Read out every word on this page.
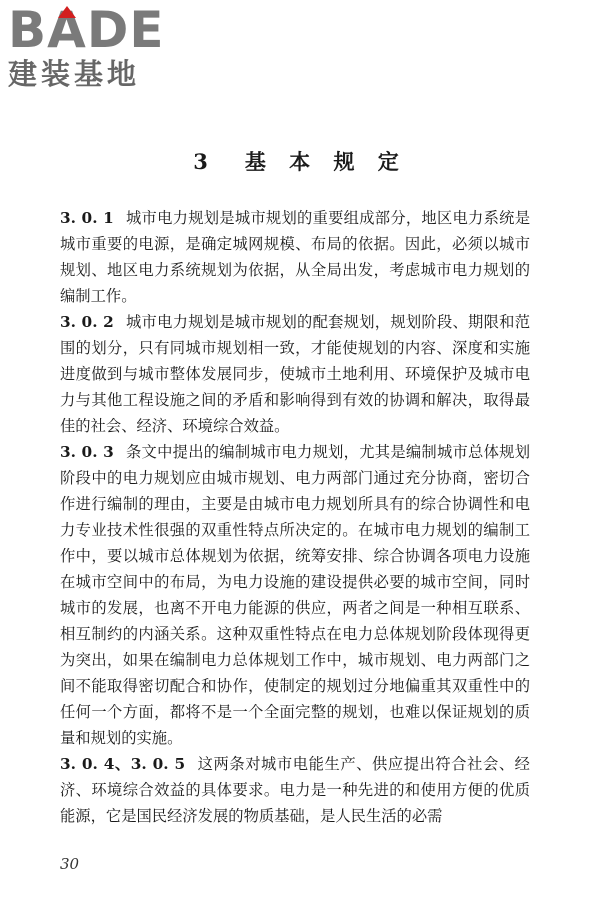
BADE
建装基地
3　基 本 规 定

3. 0. 1 城市电力规划是城市规划的重要组成部分，地区电力系统是城市重要的电源，是确定城网规模、布局的依据。因此，必须以城市规划、地区电力系统规划为依据，从全局出发，考虑城市电力规划的编制工作。

3. 0. 2 城市电力规划是城市规划的配套规划，规划阶段、期限和范围的划分，只有同城市规划相一致，才能使规划的内容、深度和实施进度做到与城市整体发展同步，使城市土地利用、环境保护及城市电力与其他工程设施之间的矛盾和影响得到有效的协调和解决，取得最佳的社会、经济、环境综合效益。

3. 0. 3 条文中提出的编制城市电力规划，尤其是编制城市总体规划阶段中的电力规划应由城市规划、电力两部门通过充分协商，密切合作进行编制的理由，主要是由城市电力规划所具有的综合协调性和电力专业技术性很强的双重性特点所决定的。在城市电力规划的编制工作中，要以城市总体规划为依据，统筹安排、综合协调各项电力设施在城市空间中的布局，为电力设施的建设提供必要的城市空间，同时城市的发展，也离不开电力能源的供应，两者之间是一种相互联系、相互制约的内涵关系。这种双重性特点在电力总体规划阶段体现得更为突出，如果在编制电力总体规划工作中，城市规划、电力两部门之间不能取得密切配合和协作，使制定的规划过分地偏重其双重性中的任何一个方面，都将不是一个全面完整的规划，也难以保证规划的质量和规划的实施。

3. 0. 4、3. 0. 5 这两条对城市电能生产、供应提出符合社会、经济、环境综合效益的具体要求。电力是一种先进的和使用方便的优质能源，它是国民经济发展的物质基础，是人民生活的必需

30
